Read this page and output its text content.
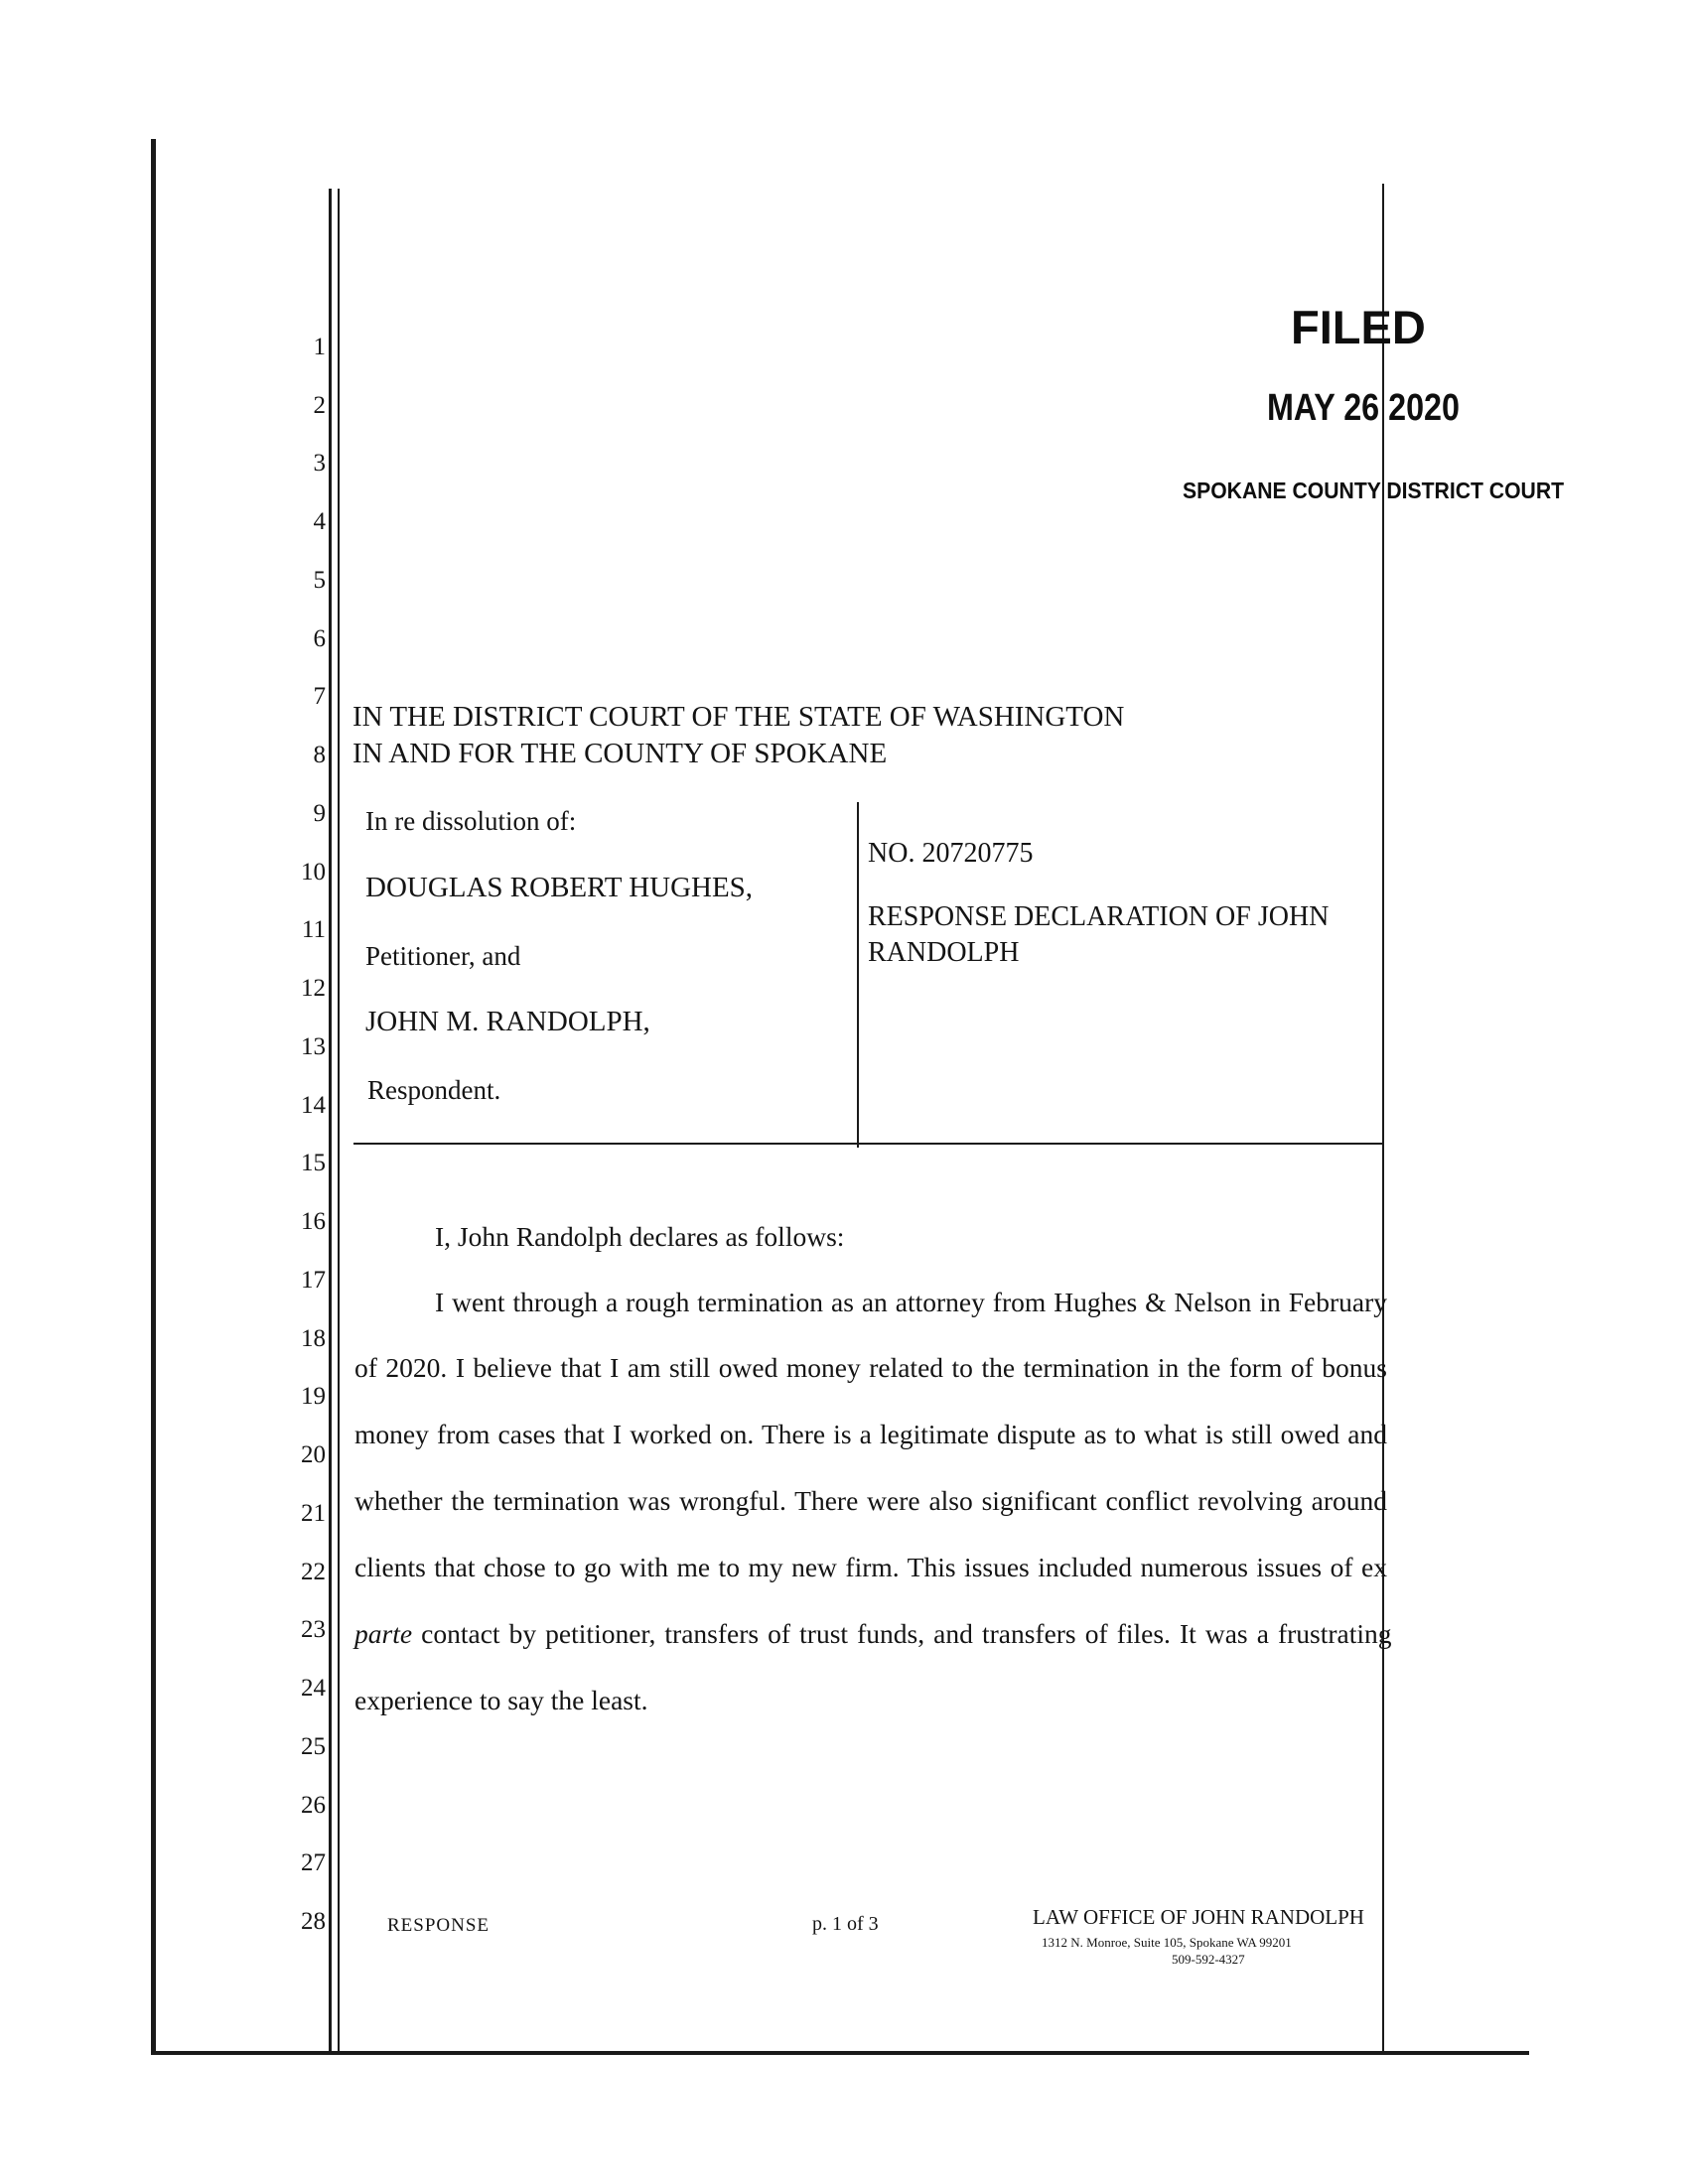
FILED
MAY 26 2020
SPOKANE COUNTY DISTRICT COURT
1
2
3
4
5
6
7
8
9
10
11
12
13
14
15
16
17
18
19
20
21
22
23
24
25
26
27
28
IN THE DISTRICT COURT OF THE STATE OF WASHINGTON
IN AND FOR THE COUNTY OF SPOKANE
In re dissolution of:
DOUGLAS ROBERT HUGHES,
Petitioner, and
JOHN M. RANDOLPH,
Respondent.
NO. 20720775
RESPONSE DECLARATION OF JOHN
RANDOLPH
I, John Randolph declares as follows:
I went through a rough termination as an attorney from Hughes & Nelson in February
of 2020. I believe that I am still owed money related to the termination in the form of bonus
money from cases that I worked on. There is a legitimate dispute as to what is still owed and
whether the termination was wrongful. There were also significant conflict revolving around
clients that chose to go with me to my new firm. This issues included numerous issues of ex
parte contact by petitioner, transfers of trust funds, and transfers of files. It was a frustrating
experience to say the least.
RESPONSE	p. 1 of 3	LAW OFFICE OF JOHN RANDOLPH
1312 N. Monroe, Suite 105, Spokane WA 99201
509-592-4327
